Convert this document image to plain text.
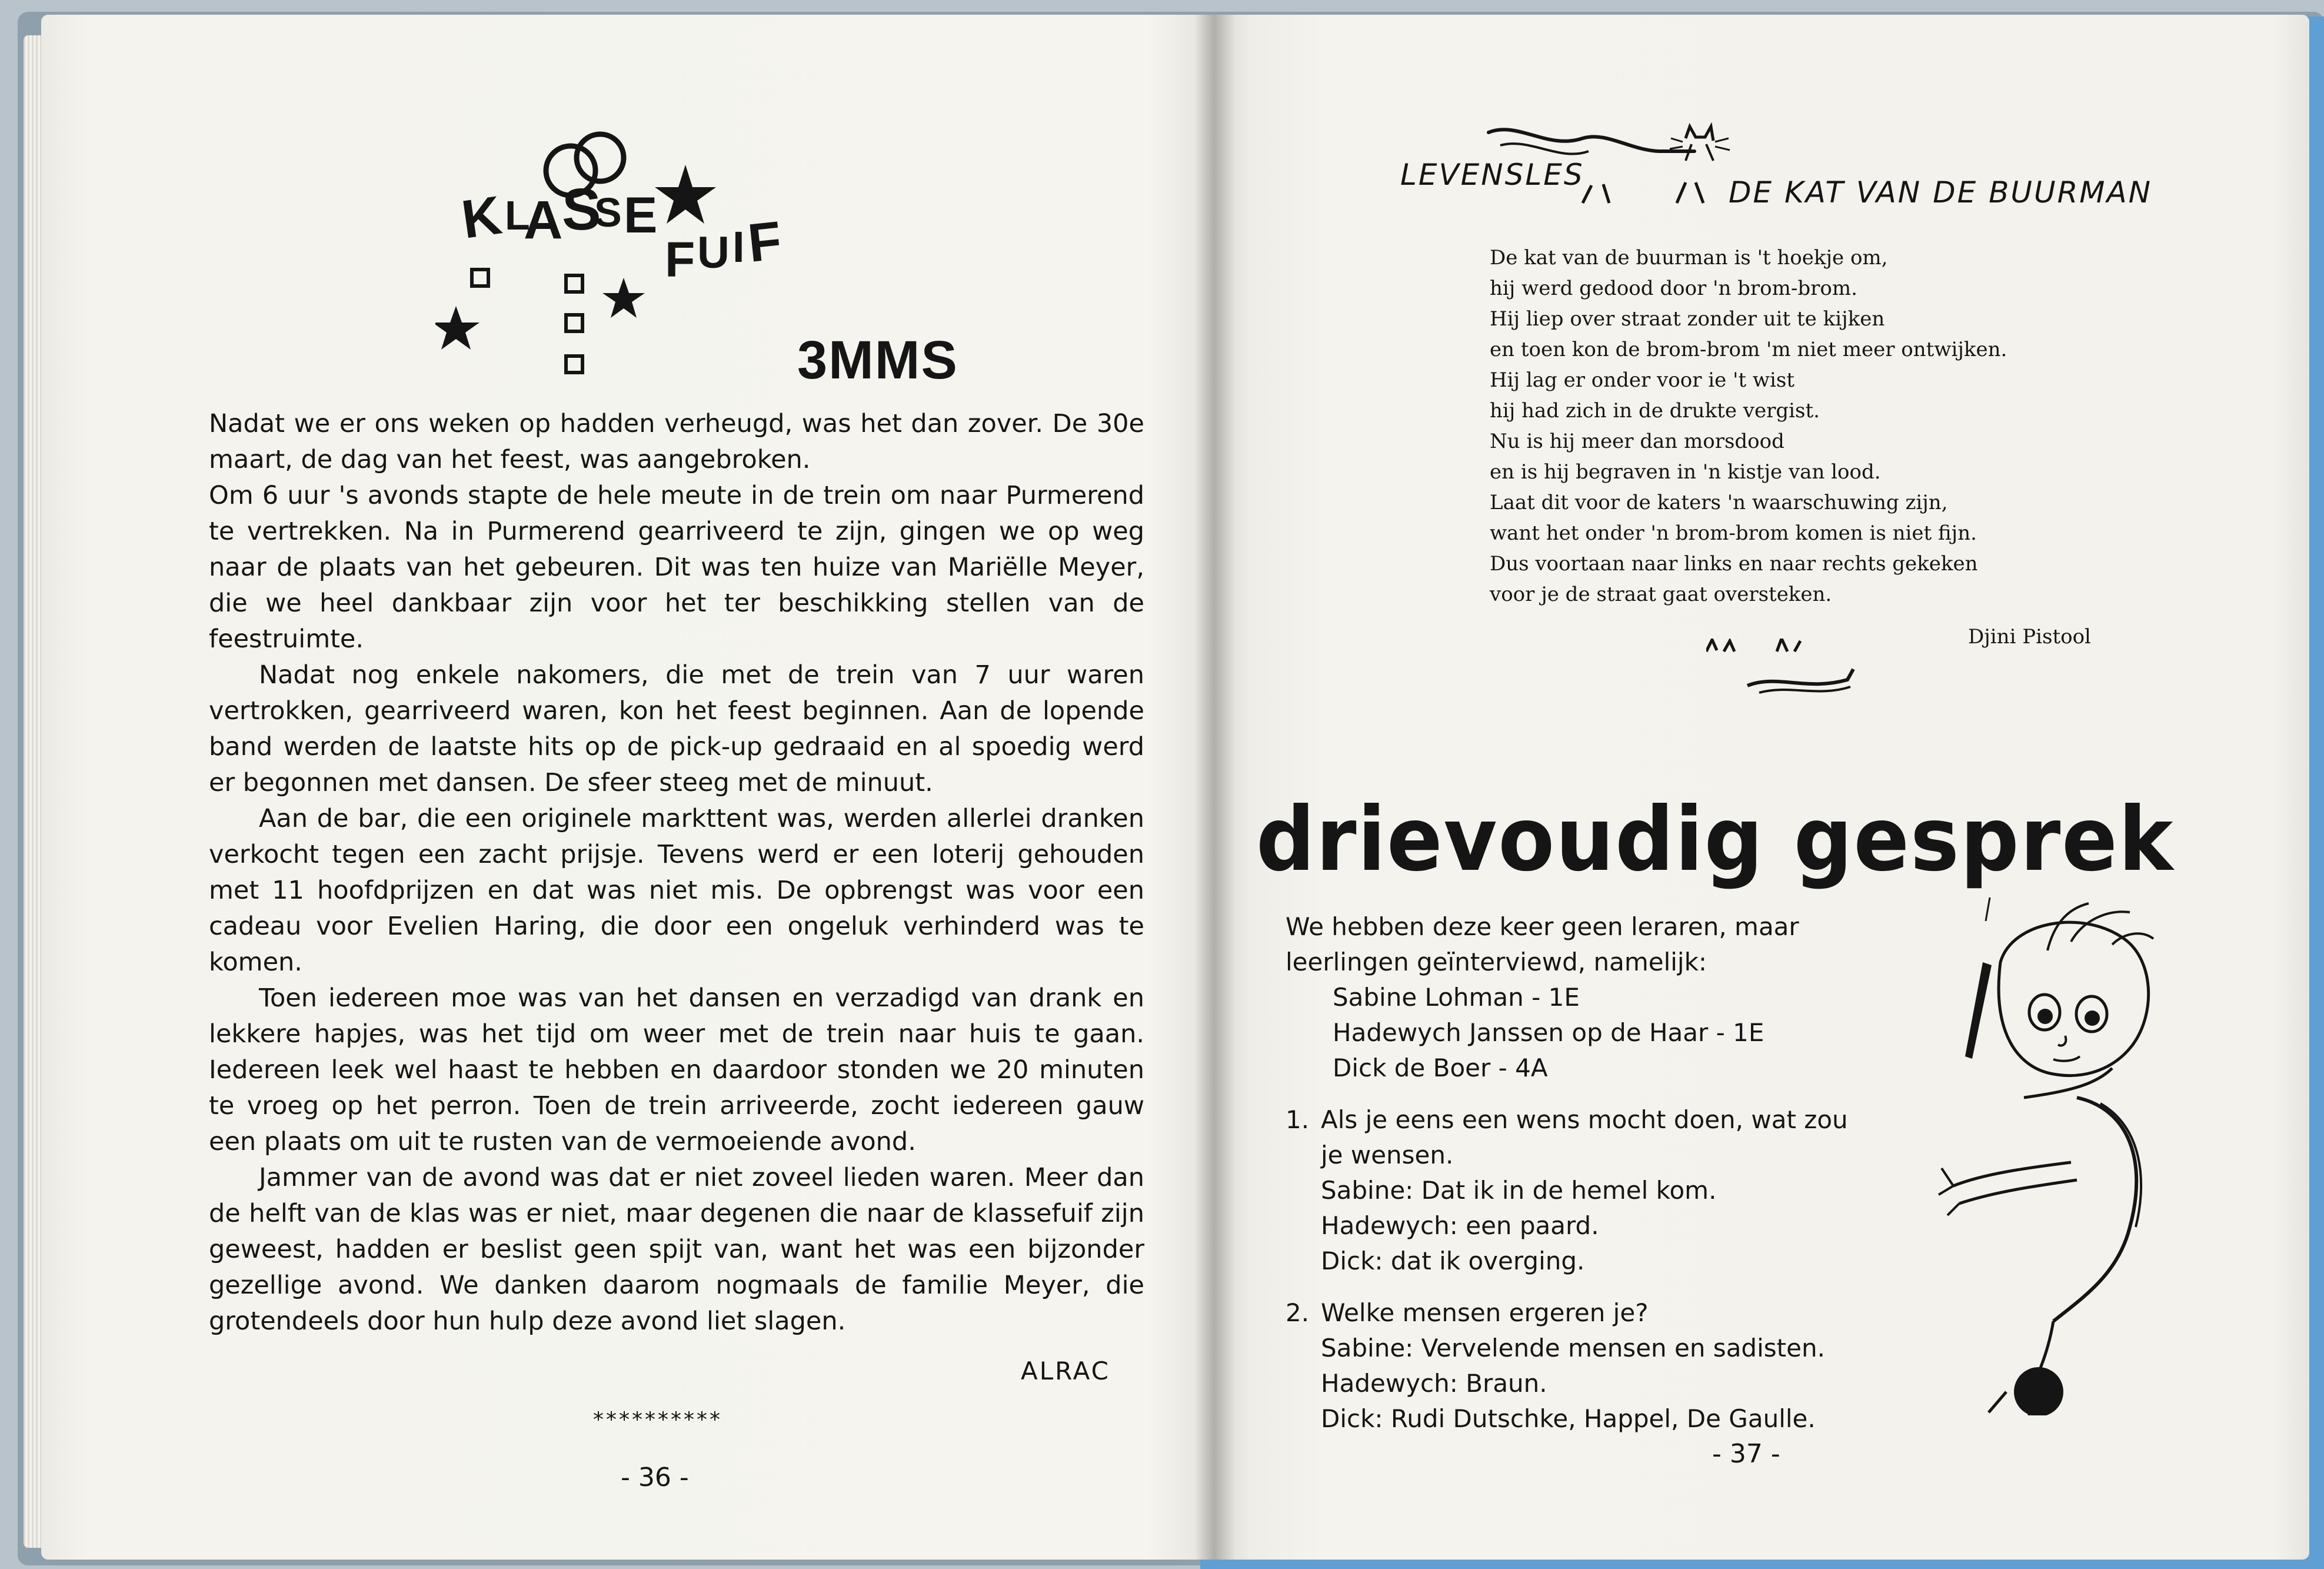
K L
A
S
S E
F U I F
3MMS

Nadat we er ons weken op hadden verheugd, was het dan zover. De 30e maart, de dag van het feest, was aangebroken.

Om 6 uur 's avonds stapte de hele meute in de trein om naar Purmerend te vertrekken. Na in Purmerend gearriveerd te zijn, gingen we op weg naar de plaats van het gebeuren. Dit was ten huize van Mariëlle Meyer, die we heel dankbaar zijn voor het ter beschikking stellen van de feestruimte.

Nadat nog enkele nakomers, die met de trein van 7 uur waren vertrokken, gearriveerd waren, kon het feest beginnen. Aan de lopende band werden de laatste hits op de pick-up gedraaid en al spoedig werd er begonnen met dansen. De sfeer steeg met de minuut.

Aan de bar, die een originele markttent was, werden allerlei dranken verkocht tegen een zacht prijsje. Tevens werd er een loterij gehouden met 11 hoofdprijzen en dat was niet mis. De opbrengst was voor een cadeau voor Evelien Haring, die door een ongeluk verhinderd was te komen.

Toen iedereen moe was van het dansen en verzadigd van drank en lekkere hapjes, was het tijd om weer met de trein naar huis te gaan. Iedereen leek wel haast te hebben en daardoor stonden we 20 minuten te vroeg op het perron. Toen de trein arriveerde, zocht iedereen gauw een plaats om uit te rusten van de vermoeiende avond.

Jammer van de avond was dat er niet zoveel lieden waren. Meer dan de helft van de klas was er niet, maar degenen die naar de klassefuif zijn geweest, hadden er beslist geen spijt van, want het was een bijzonder gezellige avond. We danken daarom nogmaals de familie Meyer, die grotendeels door hun hulp deze avond liet slagen.

ALRAC
**********
- 36 -
LEVENSLES
DE KAT VAN DE BUURMAN
De kat van de buurman is 't hoekje om,
hij werd gedood door 'n brom-brom.
Hij liep over straat zonder uit te kijken
en toen kon de brom-brom 'm niet meer ontwijken.
Hij lag er onder voor ie 't wist
hij had zich in de drukte vergist.
Nu is hij meer dan morsdood
en is hij begraven in 'n kistje van lood.
Laat dit voor de katers 'n waarschuwing zijn,
want het onder 'n brom-brom komen is niet fijn.
Dus voortaan naar links en naar rechts gekeken
voor je de straat gaat oversteken.
Djini Pistool
drievoudig gesprek
We hebben deze keer geen leraren, maar
leerlingen geïnterviewd, namelijk:
Sabine Lohman - 1E
Hadewych Janssen op de Haar - 1E
Dick de Boer - 4A
1. Als je eens een wens mocht doen, wat zou
je wensen.
Sabine: Dat ik in de hemel kom.
Hadewych: een paard.
Dick: dat ik overging.
2. Welke mensen ergeren je?
Sabine: Vervelende mensen en sadisten.
Hadewych: Braun.
Dick: Rudi Dutschke, Happel, De Gaulle.
- 37 -
